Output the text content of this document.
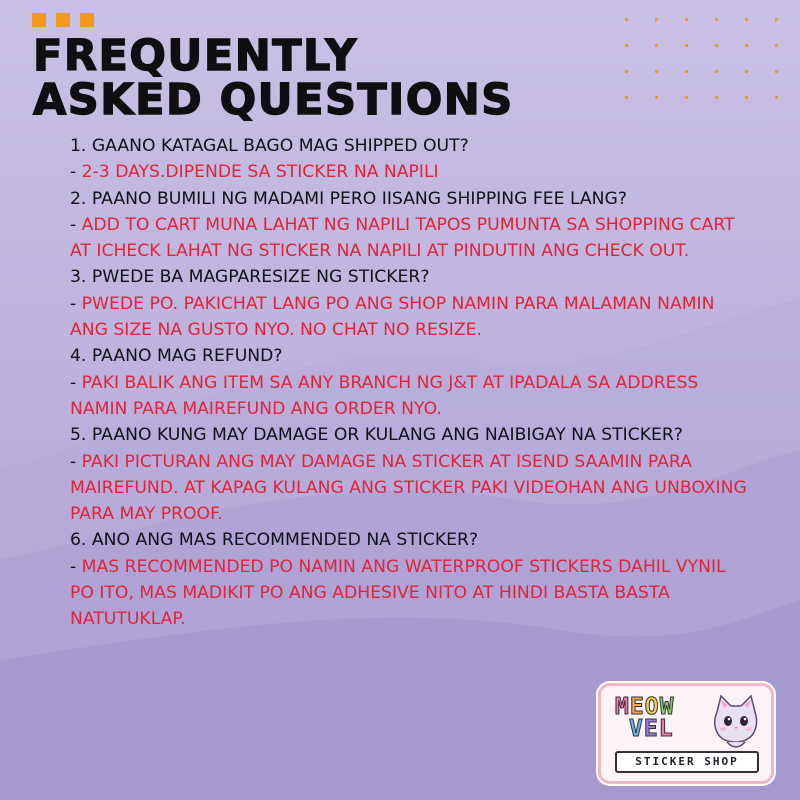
FREQUENTLY
ASKED QUESTIONS

1. GAANO KATAGAL BAGO MAG SHIPPED OUT?

- 2-3 DAYS.DIPENDE SA STICKER NA NAPILI

2. PAANO BUMILI NG MADAMI PERO IISANG SHIPPING FEE LANG?

- ADD TO CART MUNA LAHAT NG NAPILI TAPOS PUMUNTA SA SHOPPING CART AT ICHECK LAHAT NG STICKER NA NAPILI AT PINDUTIN ANG CHECK OUT.

3. PWEDE BA MAGPARESIZE NG STICKER?

- PWEDE PO. PAKICHAT LANG PO ANG SHOP NAMIN PARA MALAMAN NAMIN ANG SIZE NA GUSTO NYO. NO CHAT NO RESIZE.

4. PAANO MAG REFUND?

- PAKI BALIK ANG ITEM SA ANY BRANCH NG J&T AT IPADALA SA ADDRESS NAMIN PARA MAIREFUND ANG ORDER NYO.

5. PAANO KUNG MAY DAMAGE OR KULANG ANG NAIBIGAY NA STICKER?

- PAKI PICTURAN ANG MAY DAMAGE NA STICKER AT ISEND SAAMIN PARA MAIREFUND. AT KAPAG KULANG ANG STICKER PAKI VIDEOHAN ANG UNBOXING PARA MAY PROOF.

6. ANO ANG MAS RECOMMENDED NA STICKER?

- MAS RECOMMENDED PO NAMIN ANG WATERPROOF STICKERS DAHIL VYNIL PO ITO, MAS MADIKIT PO ANG ADHESIVE NITO AT HINDI BASTA BASTA NATUTUKLAP.

MEOW
VEL
STICKER SHOP
